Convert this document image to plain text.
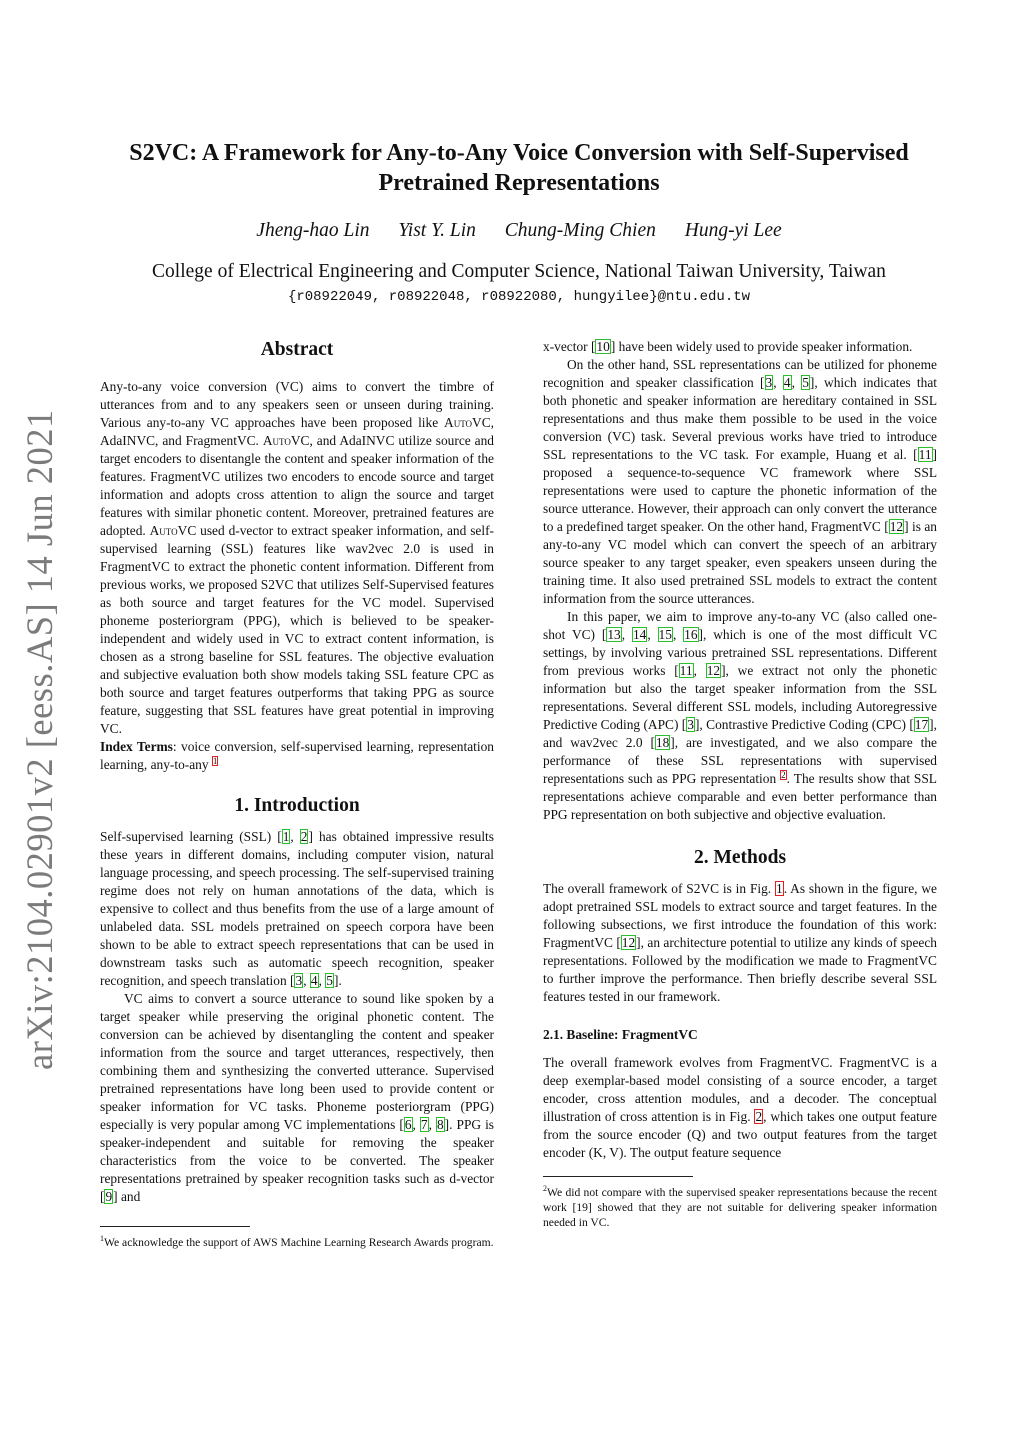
arXiv:2104.02901v2 [eess.AS] 14 Jun 2021
S2VC: A Framework for Any-to-Any Voice Conversion with Self-Supervised
Pretrained Representations
Jheng-hao Lin Yist Y. Lin Chung-Ming Chien Hung-yi Lee
College of Electrical Engineering and Computer Science, National Taiwan University, Taiwan
{r08922049, r08922048, r08922080, hungyilee}@ntu.edu.tw
Abstract

Any-to-any voice conversion (VC) aims to convert the timbre of utterances from and to any speakers seen or unseen during training. Various any-to-any VC approaches have been proposed like AutoVC, AdaINVC, and FragmentVC. AutoVC, and AdaINVC utilize source and target encoders to disentangle the content and speaker information of the features. FragmentVC utilizes two encoders to encode source and target information and adopts cross attention to align the source and target features with similar phonetic content. Moreover, pretrained features are adopted. AutoVC used d-vector to extract speaker information, and self-supervised learning (SSL) features like wav2vec 2.0 is used in FragmentVC to extract the phonetic content information. Different from previous works, we proposed S2VC that utilizes Self-Supervised features as both source and target features for the VC model. Supervised phoneme posteriorgram (PPG), which is believed to be speaker-independent and widely used in VC to extract content information, is chosen as a strong baseline for SSL features. The objective evaluation and subjective evaluation both show models taking SSL feature CPC as both source and target features outperforms that taking PPG as source feature, suggesting that SSL features have great potential in improving VC.

Index Terms: voice conversion, self-supervised learning, representation learning, any-to-any $^1$

1. Introduction

Self-supervised learning (SSL) [1, 2] has obtained impressive results these years in different domains, including computer vision, natural language processing, and speech processing. The self-supervised training regime does not rely on human annotations of the data, which is expensive to collect and thus benefits from the use of a large amount of unlabeled data. SSL models pretrained on speech corpora have been shown to be able to extract speech representations that can be used in downstream tasks such as automatic speech recognition, speaker recognition, and speech translation [3, 4, 5].

VC aims to convert a source utterance to sound like spoken by a target speaker while preserving the original phonetic content. The conversion can be achieved by disentangling the content and speaker information from the source and target utterances, respectively, then combining them and synthesizing the converted utterance. Supervised pretrained representations have long been used to provide content or speaker information for VC tasks. Phoneme posteriorgram (PPG) especially is very popular among VC implementations [6, 7, 8]. PPG is speaker-independent and suitable for removing the speaker characteristics from the voice to be converted. The speaker representations pretrained by speaker recognition tasks such as d-vector [9] and

$^1$We acknowledge the support of AWS Machine Learning Research Awards program.

x-vector [10] have been widely used to provide speaker information.

On the other hand, SSL representations can be utilized for phoneme recognition and speaker classification [3, 4, 5], which indicates that both phonetic and speaker information are hereditary contained in SSL representations and thus make them possible to be used in the voice conversion (VC) task. Several previous works have tried to introduce SSL representations to the VC task. For example, Huang et al. [11] proposed a sequence-to-sequence VC framework where SSL representations were used to capture the phonetic information of the source utterance. However, their approach can only convert the utterance to a predefined target speaker. On the other hand, FragmentVC [12] is an any-to-any VC model which can convert the speech of an arbitrary source speaker to any target speaker, even speakers unseen during the training time. It also used pretrained SSL models to extract the content information from the source utterances.

In this paper, we aim to improve any-to-any VC (also called one-shot VC) [13, 14, 15, 16], which is one of the most difficult VC settings, by involving various pretrained SSL representations. Different from previous works [11, 12], we extract not only the phonetic information but also the target speaker information from the SSL representations. Several different SSL models, including Autoregressive Predictive Coding (APC) [3], Contrastive Predictive Coding (CPC) [17], and wav2vec 2.0 [18], are investigated, and we also compare the performance of these SSL representations with supervised representations such as PPG representation $^2$. The results show that SSL representations achieve comparable and even better performance than PPG representation on both subjective and objective evaluation.

2. Methods

The overall framework of S2VC is in Fig. 1. As shown in the figure, we adopt pretrained SSL models to extract source and target features. In the following subsections, we first introduce the foundation of this work: FragmentVC [12], an architecture potential to utilize any kinds of speech representations. Followed by the modification we made to FragmentVC to further improve the performance. Then briefly describe several SSL features tested in our framework.

2.1. Baseline: FragmentVC

The overall framework evolves from FragmentVC. FragmentVC is a deep exemplar-based model consisting of a source encoder, a target encoder, cross attention modules, and a decoder. The conceptual illustration of cross attention is in Fig. 2, which takes one output feature from the source encoder (Q) and two output features from the target encoder (K, V). The output feature sequence

$^2$We did not compare with the supervised speaker representations because the recent work [19] showed that they are not suitable for delivering speaker information needed in VC.
